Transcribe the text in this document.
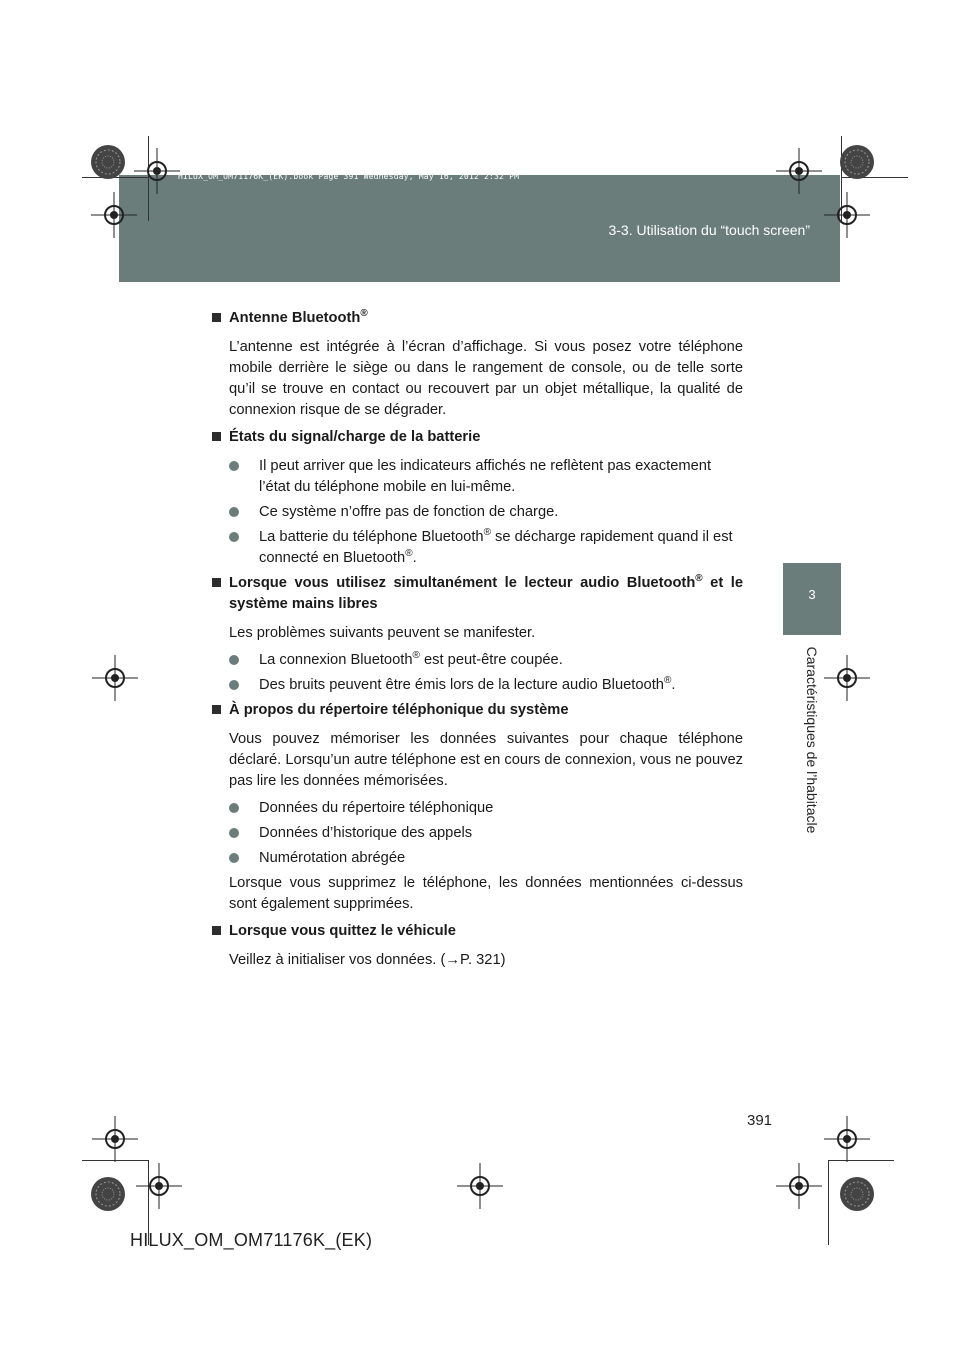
HILUX_OM_OM71176K_(EK).book Page 391 Wednesday, May 16, 2012 2:32 PM
3-3. Utilisation du “touch screen”
3
Caractéristiques de l’habitacle
Antenne Bluetooth®
L’antenne est intégrée à l’écran d’affichage. Si vous posez votre téléphone mobile derrière le siège ou dans le rangement de console, ou de telle sorte qu’il se trouve en contact ou recouvert par un objet métallique, la qualité de connexion risque de se dégrader.
États du signal/charge de la batterie
Il peut arriver que les indicateurs affichés ne reflètent pas exactement l’état du téléphone mobile en lui-même.
Ce système n’offre pas de fonction de charge.
La batterie du téléphone Bluetooth® se décharge rapidement quand il est connecté en Bluetooth®.
Lorsque vous utilisez simultanément le lecteur audio Bluetooth® et le système mains libres
Les problèmes suivants peuvent se manifester.
La connexion Bluetooth® est peut-être coupée.
Des bruits peuvent être émis lors de la lecture audio Bluetooth®.
À propos du répertoire téléphonique du système
Vous pouvez mémoriser les données suivantes pour chaque téléphone déclaré. Lorsqu’un autre téléphone est en cours de connexion, vous ne pouvez pas lire les données mémorisées.
Données du répertoire téléphonique
Données d’historique des appels
Numérotation abrégée
Lorsque vous supprimez le téléphone, les données mentionnées ci-dessus sont également supprimées.
Lorsque vous quittez le véhicule
Veillez à initialiser vos données. (→P. 321)
391
HILUX_OM_OM71176K_(EK)
